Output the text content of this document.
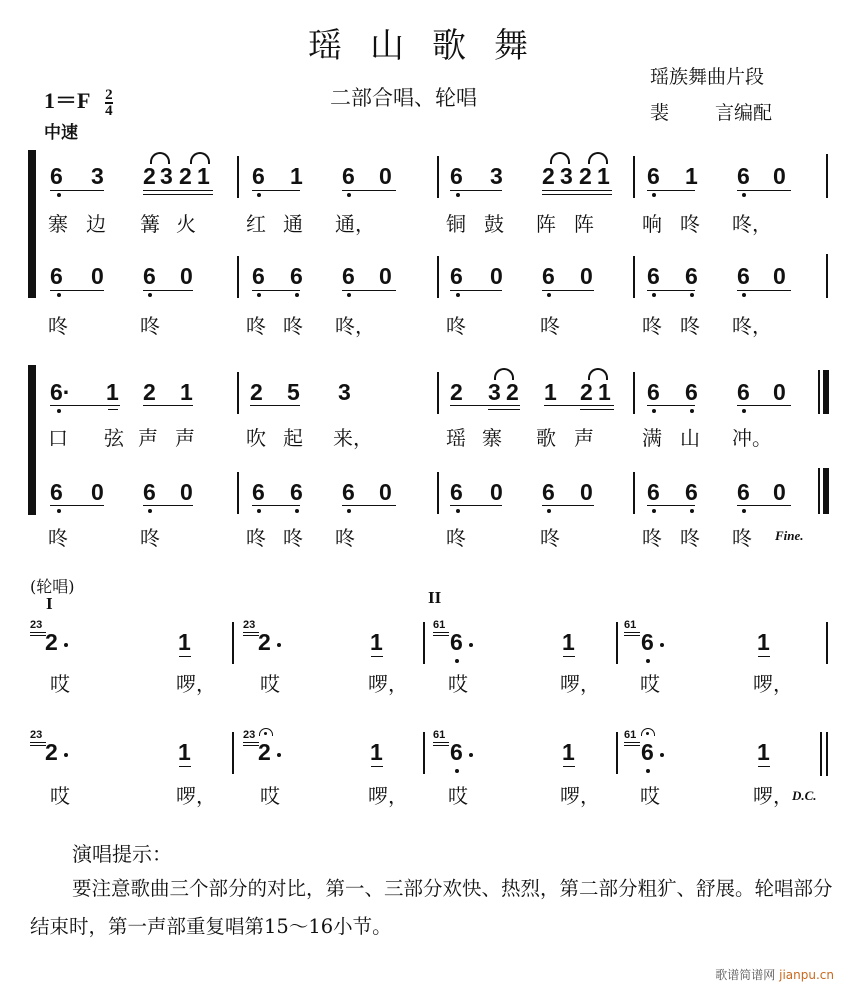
瑶山歌舞
$1=F \frac{2}{4}$
中速
二部合唱、轮唱
瑶族舞曲片段
裴 言编配
6 3 2 3 2 1 6 1 6 0	6 3 2 3 2 1 6 1 6 0
寨 边 篝 火	红 通 通，	铜 鼓 阵 阵 响 咚 咚，
6 0 6 0	6 6 6 0	6 0 6 0 6 6 6 0
咚	咚	咚 咚 咚，	咚	咚	咚 咚 咚，
6· 1 2 1 2 5 3	2 3 2 1 2 1 6 6 6 0
口 弦 声 声	吹 起 来，	瑶 寨 歌 声 满 山 冲。
6 0 6 0	6 6 6 0	6 0 6 0 6 6 6 0
咚	咚	咚 咚 咚	咚	咚	咚 咚 咚 Fine.
(轮唱)
I	II
23
2	1
23
2	1
61
6	1
61
6	1
哎	啰， 哎	啰， 哎	啰， 哎	啰，
23
2	1
23
2	1
61
6	1
61
6	1
哎	啰， 哎	啰， 哎	啰， 哎	啰， D.C.
演唱提示：
要注意歌曲三个部分的对比，第一、三部分欢快、热烈，第二部分粗犷、舒展。轮唱部分结束时，第一声部重复唱第15～16小节。
歌谱简谱网 jianpu.cn
